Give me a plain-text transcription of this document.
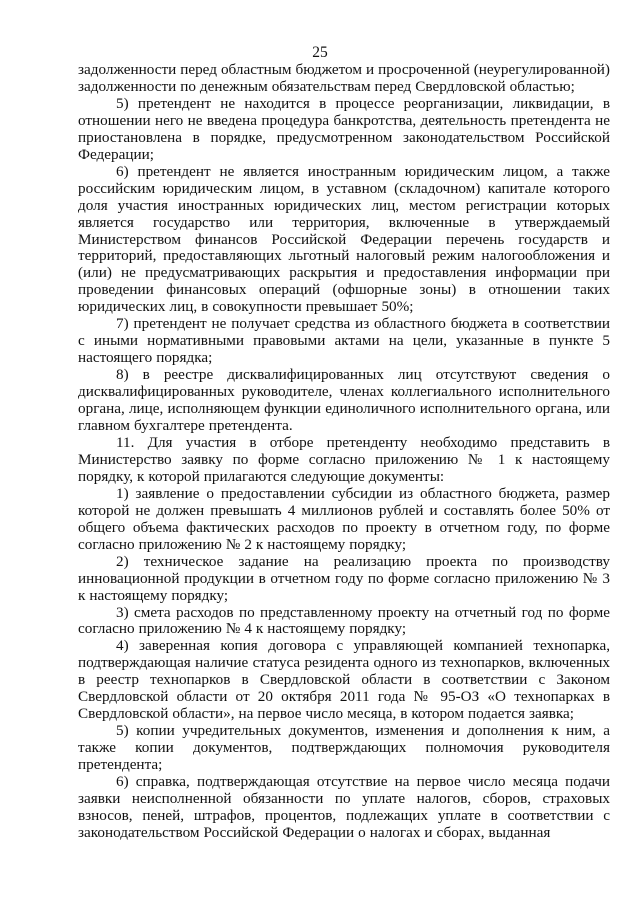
25

задолженности перед областным бюджетом и просроченной (неурегулированной) задолженности по денежным обязательствам перед Свердловской областью;

5) претендент не находится в процессе реорганизации, ликвидации, в отношении него не введена процедура банкротства, деятельность претендента не приостановлена в порядке, предусмотренном законодательством Российской Федерации;

6) претендент не является иностранным юридическим лицом, а также российским юридическим лицом, в уставном (складочном) капитале которого доля участия иностранных юридических лиц, местом регистрации которых является государство или территория, включенные в утверждаемый Министерством финансов Российской Федерации перечень государств и территорий, предоставляющих льготный налоговый режим налогообложения и (или) не предусматривающих раскрытия и предоставления информации при проведении финансовых операций (офшорные зоны) в отношении таких юридических лиц, в совокупности превышает 50%;

7) претендент не получает средства из областного бюджета в соответствии с иными нормативными правовыми актами на цели, указанные в пункте 5 настоящего порядка;

8) в реестре дисквалифицированных лиц отсутствуют сведения о дисквалифицированных руководителе, членах коллегиального исполнительного органа, лице, исполняющем функции единоличного исполнительного органа, или главном бухгалтере претендента.

11. Для участия в отборе претенденту необходимо представить в Министерство заявку по форме согласно приложению № 1 к настоящему порядку, к которой прилагаются следующие документы:

1) заявление о предоставлении субсидии из областного бюджета, размер которой не должен превышать 4 миллионов рублей и составлять более 50% от общего объема фактических расходов по проекту в отчетном году, по форме согласно приложению № 2 к настоящему порядку;

2) техническое задание на реализацию проекта по производству инновационной продукции в отчетном году по форме согласно приложению № 3 к настоящему порядку;

3) смета расходов по представленному проекту на отчетный год по форме согласно приложению № 4 к настоящему порядку;

4) заверенная копия договора с управляющей компанией технопарка, подтверждающая наличие статуса резидента одного из технопарков, включенных в реестр технопарков в Свердловской области в соответствии с Законом Свердловской области от 20 октября 2011 года № 95-ОЗ «О технопарках в Свердловской области», на первое число месяца, в котором подается заявка;

5) копии учредительных документов, изменения и дополнения к ним, а также копии документов, подтверждающих полномочия руководителя претендента;

6) справка, подтверждающая отсутствие на первое число месяца подачи заявки неисполненной обязанности по уплате налогов, сборов, страховых взносов, пеней, штрафов, процентов, подлежащих уплате в соответствии с законодательством Российской Федерации о налогах и сборах, выданная
